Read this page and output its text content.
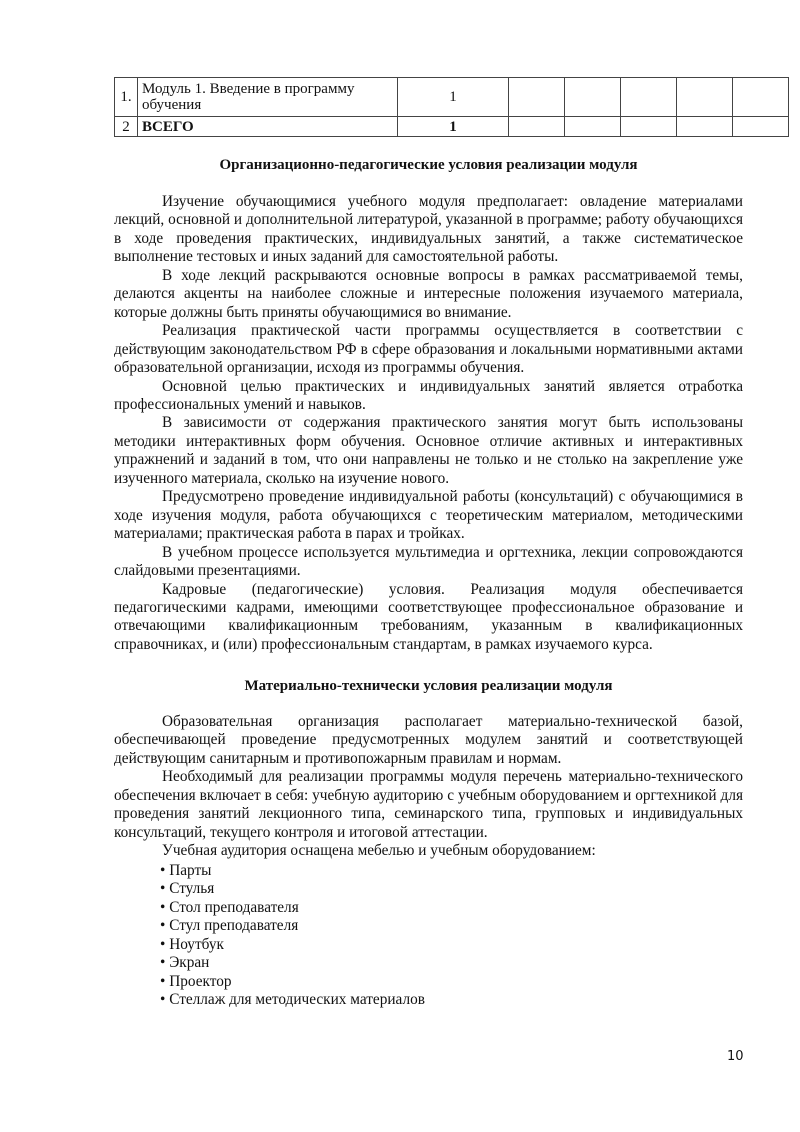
1.	Модуль 1. Введение в программу обучения	1					
2	ВСЕГО	1					
Организационно-педагогические условия реализации модуля

Изучение обучающимися учебного модуля предполагает: овладение материалами лекций, основной и дополнительной литературой, указанной в программе; работу обучающихся в ходе проведения практических, индивидуальных занятий, а также систематическое выполнение тестовых и иных заданий для самостоятельной работы.

В ходе лекций раскрываются основные вопросы в рамках рассматриваемой темы, делаются акценты на наиболее сложные и интересные положения изучаемого материала, которые должны быть приняты обучающимися во внимание.

Реализация практической части программы осуществляется в соответствии с действующим законодательством РФ в сфере образования и локальными нормативными актами образовательной организации, исходя из программы обучения.

Основной целью практических и индивидуальных занятий является отработка профессиональных умений и навыков.

В зависимости от содержания практического занятия могут быть использованы методики интерактивных форм обучения. Основное отличие активных и интерактивных упражнений и заданий в том, что они направлены не только и не столько на закрепление уже изученного материала, сколько на изучение нового.

Предусмотрено проведение индивидуальной работы (консультаций) с обучающимися в ходе изучения модуля, работа обучающихся с теоретическим материалом, методическими материалами; практическая работа в парах и тройках.

В учебном процессе используется мультимедиа и оргтехника, лекции сопровождаются слайдовыми презентациями.

Кадровые (педагогические) условия. Реализация модуля обеспечивается педагогическими кадрами, имеющими соответствующее профессиональное образование и отвечающими квалификационным требованиям, указанным в квалификационных справочниках, и (или) профессиональным стандартам, в рамках изучаемого курса.

Материально-технически условия реализации модуля

Образовательная организация располагает материально-технической базой, обеспечивающей проведение предусмотренных модулем занятий и соответствующей действующим санитарным и противопожарным правилам и нормам.

Необходимый для реализации программы модуля перечень материально-технического обеспечения включает в себя: учебную аудиторию с учебным оборудованием и оргтехникой для проведения занятий лекционного типа, семинарского типа, групповых и индивидуальных консультаций, текущего контроля и итоговой аттестации.

Учебная аудитория оснащена мебелью и учебным оборудованием:

• Парты
• Стулья
• Стол преподавателя
• Стул преподавателя
• Ноутбук
• Экран
• Проектор
• Стеллаж для методических материалов
10
